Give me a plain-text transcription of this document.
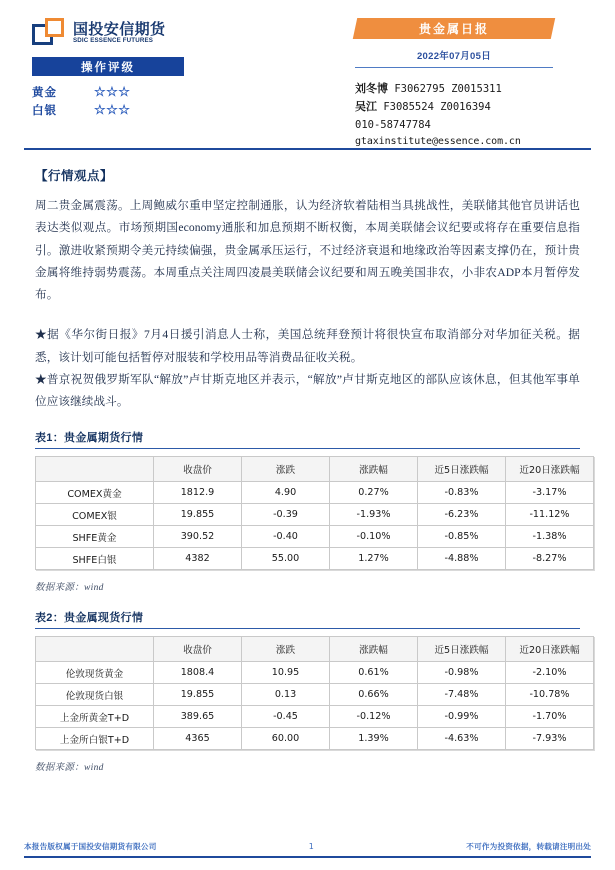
国投安信期货
SDIC ESSENCE FUTURES
操作评级
黄金	☆☆☆
白银	☆☆☆
贵金属日报
2022年07月05日
刘冬博 F3062795 Z0015311
吴江 F3085524 Z0016394
010-58747784
gtaxinstitute@essence.com.cn
【行情观点】
周二贵金属震荡。上周鲍威尔重申坚定控制通胀，认为经济软着陆相当具挑战性，美联储其他官员讲话也表达类似观点。市场预期国economy通胀和加息预期不断权衡，本周美联储会议纪要或将存在重要信息指引。激进收紧预期令美元持续偏强，贵金属承压运行，不过经济衰退和地缘政治等因素支撑仍在，预计贵金属将维持弱势震荡。本周重点关注周四凌晨美联储会议纪要和周五晚美国非农，小非农ADP本月暂停发布。
★据《华尔街日报》7月4日援引消息人士称，美国总统拜登预计将很快宣布取消部分对华加征关税。据悉，该计划可能包括暂停对服装和学校用品等消费品征收关税。
★普京祝贺俄罗斯军队“解放”卢甘斯克地区并表示，“解放”卢甘斯克地区的部队应该休息，但其他军事单位应该继续战斗。
表1：贵金属期货行情
	收盘价	涨跌	涨跌幅	近5日涨跌幅	近20日涨跌幅
COMEX黄金	1812.9	4.90	0.27%	-0.83%	-3.17%
COMEX银	19.855	-0.39	-1.93%	-6.23%	-11.12%
SHFE黄金	390.52	-0.40	-0.10%	-0.85%	-1.38%
SHFE白银	4382	55.00	1.27%	-4.88%	-8.27%
数据来源：wind
表2：贵金属现货行情
	收盘价	涨跌	涨跌幅	近5日涨跌幅	近20日涨跌幅
伦敦现货黄金	1808.4	10.95	0.61%	-0.98%	-2.10%
伦敦现货白银	19.855	0.13	0.66%	-7.48%	-10.78%
上金所黄金T+D	389.65	-0.45	-0.12%	-0.99%	-1.70%
上金所白银T+D	4365	60.00	1.39%	-4.63%	-7.93%
数据来源：wind
本报告版权属于国投安信期货有限公司	1	不可作为投资依据，转载请注明出处
